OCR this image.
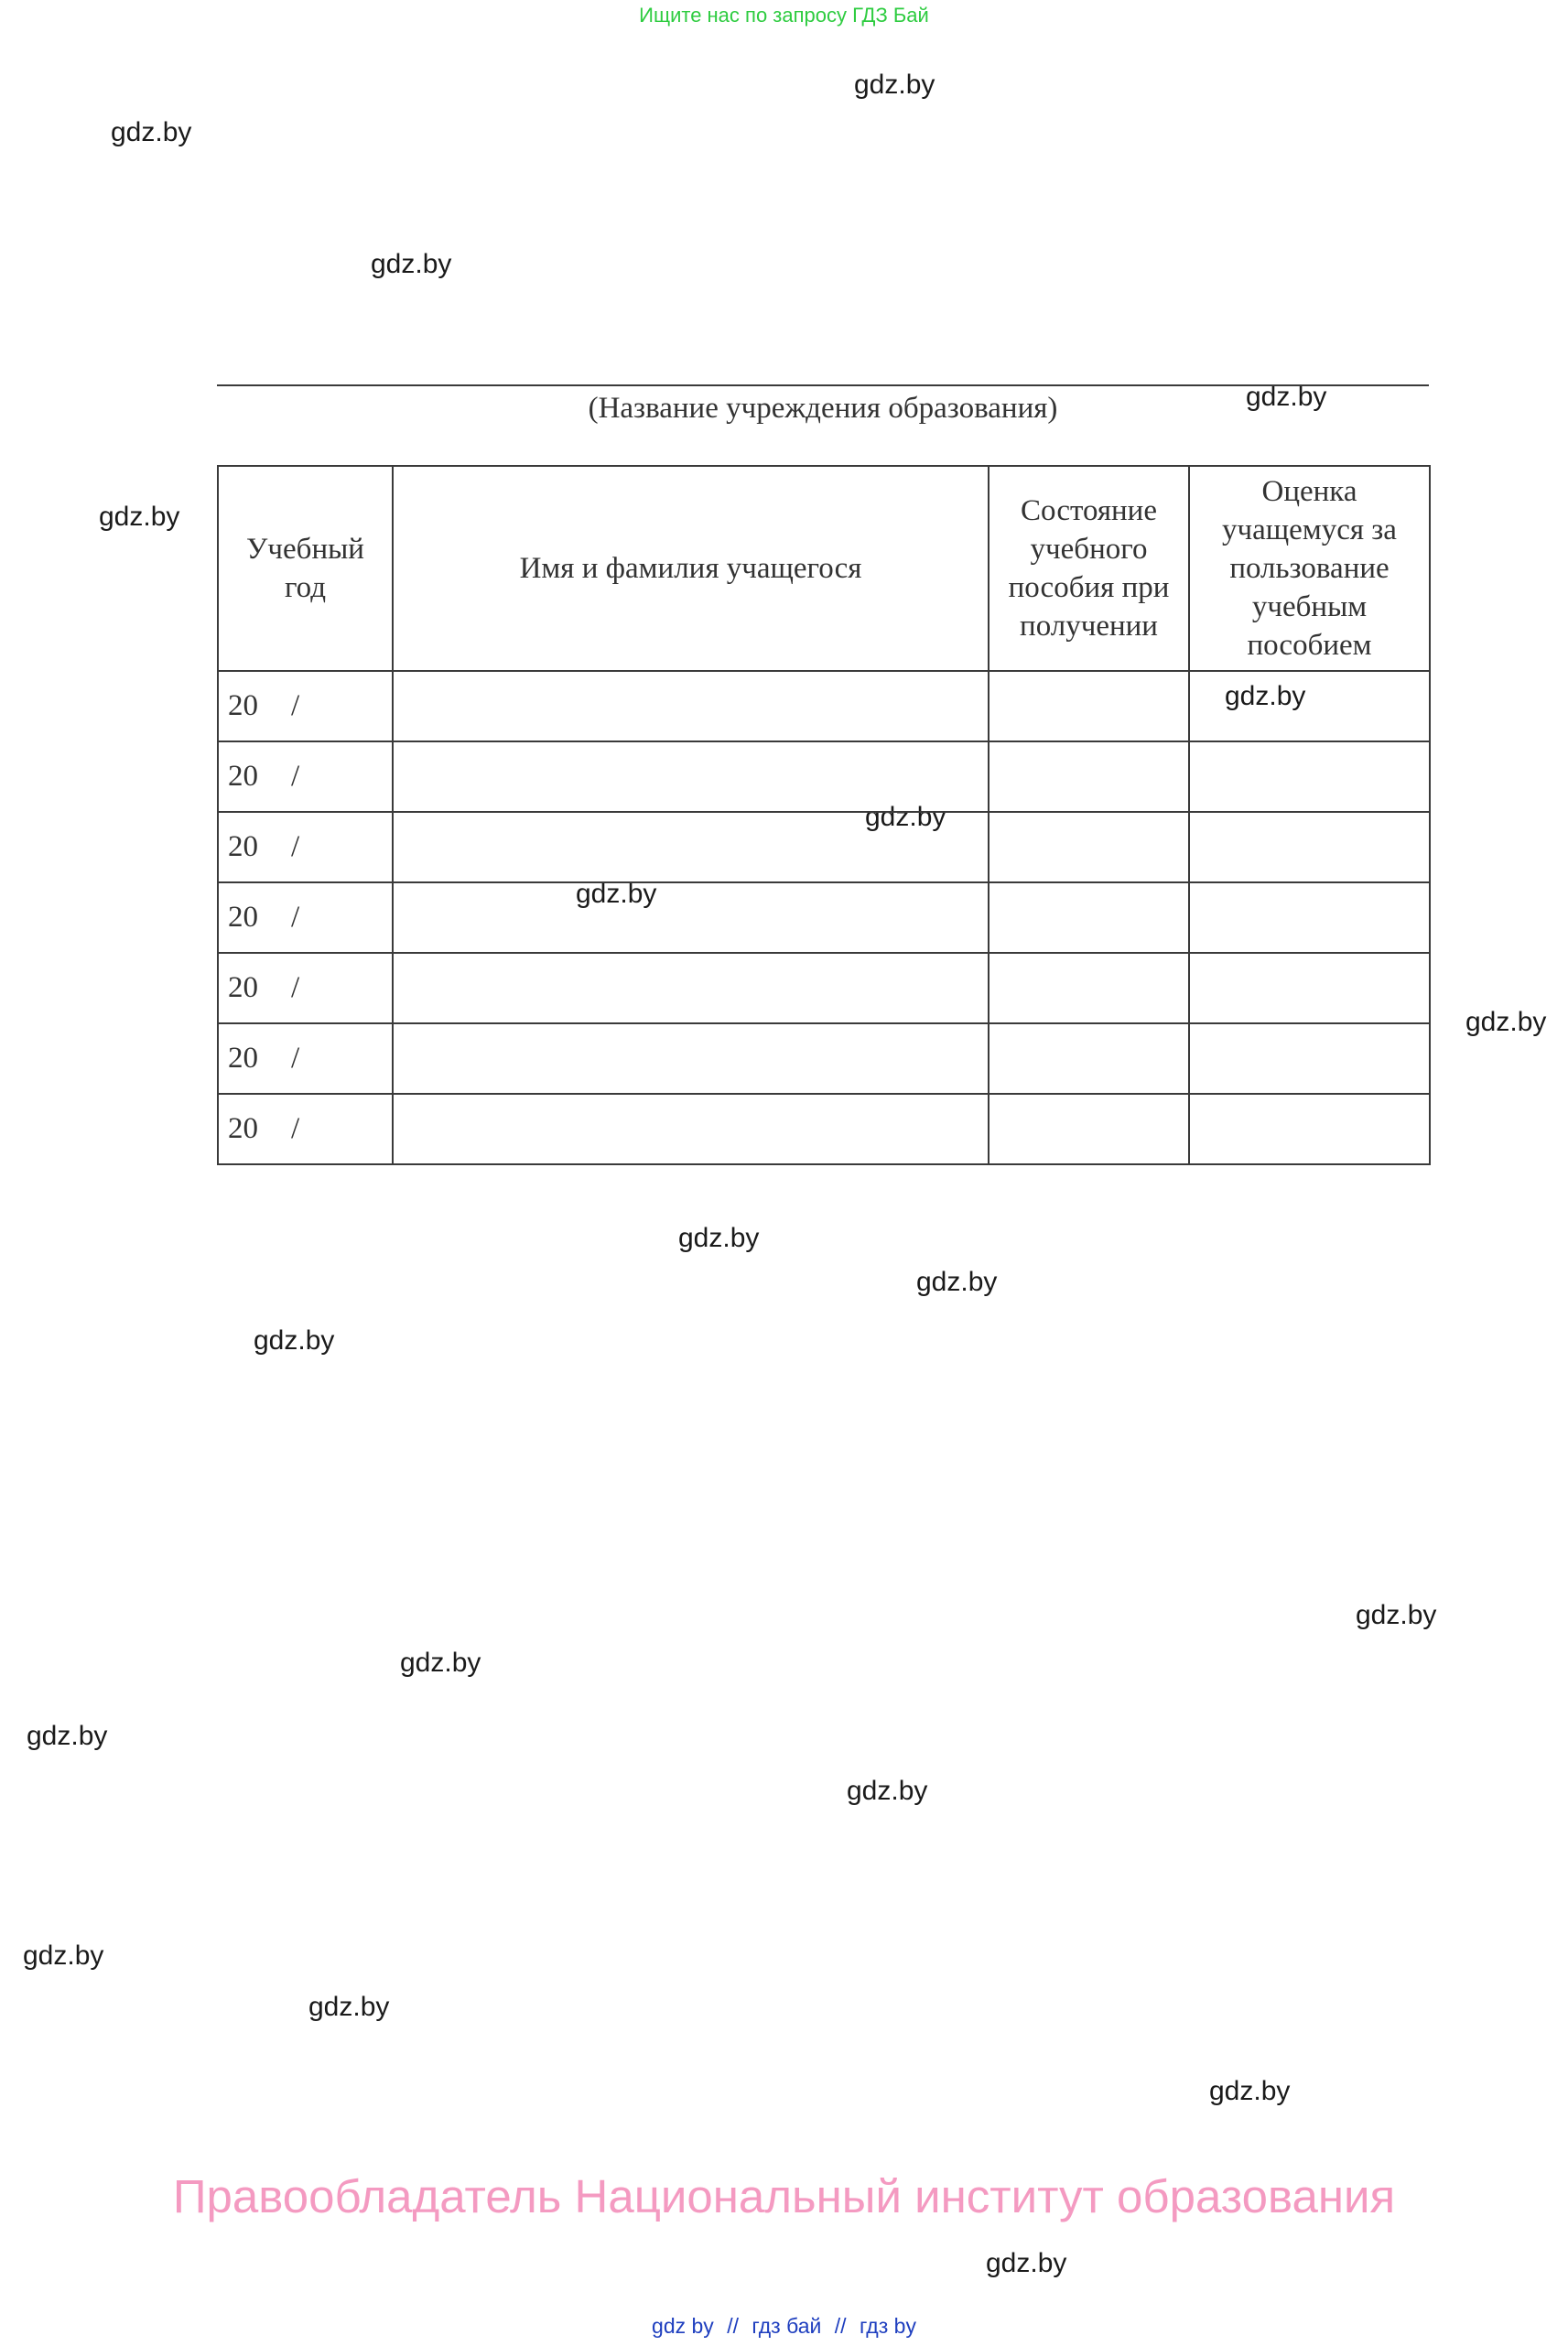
Ищите нас по запросу ГДЗ Бай
gdz.by
gdz.by
gdz.by
gdz.by
gdz.by
gdz.by
gdz.by
gdz.by
gdz.by
gdz.by
gdz.by
gdz.by
gdz.by
gdz.by
gdz.by
gdz.by
gdz.by
gdz.by
gdz.by
gdz.by
(Название учреждения образования)
Учебный год	Имя и фамилия учащегося	Состояние учебного пособия при получении	Оценка учащемуся за пользование учебным пособием
20 /			
20 /			
20 /			
20 /			
20 /			
20 /			
20 /			
Правообладатель Национальный институт образования
gdz by // гдз бай // гдз by
